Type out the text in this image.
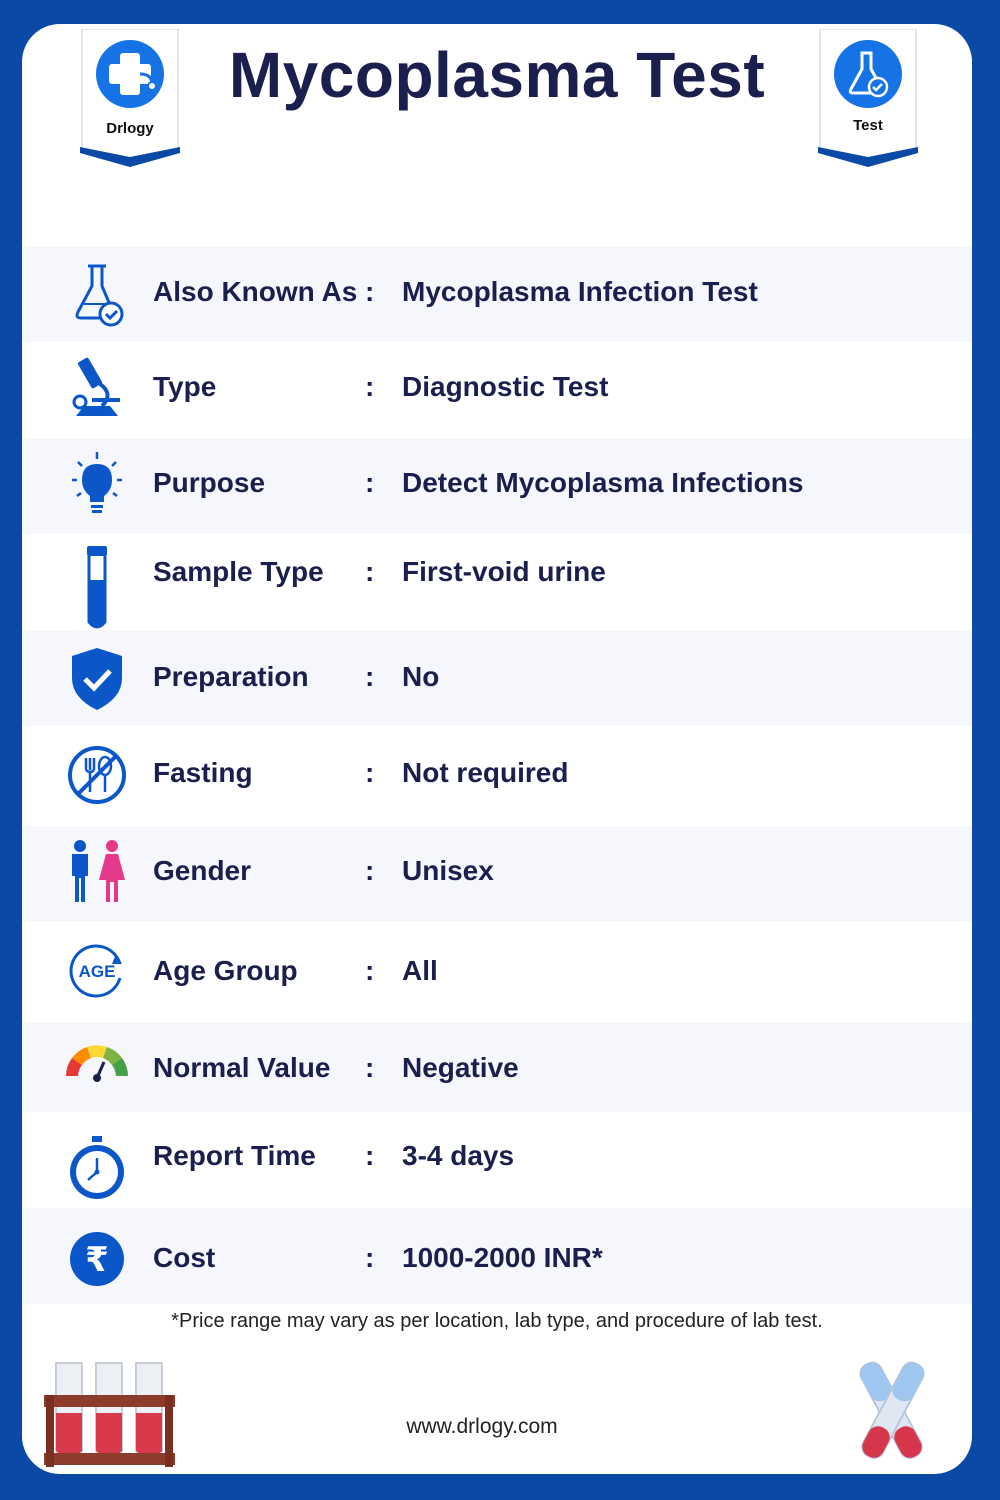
Drlogy
Mycoplasma Test
Test
Also Known As : Mycoplasma Infection Test
Type	: Diagnostic Test
Purpose	: Detect Mycoplasma Infections
Sample Type : First-void urine
Preparation : No
Fasting	: Not required
Gender	: Unisex
AGE Age Group : All
Normal Value : Negative
Report Time : 3-4 days
₹ Cost	: 1000-2000 INR*
*Price range may vary as per location, lab type, and procedure of lab test.
www.drlogy.com
